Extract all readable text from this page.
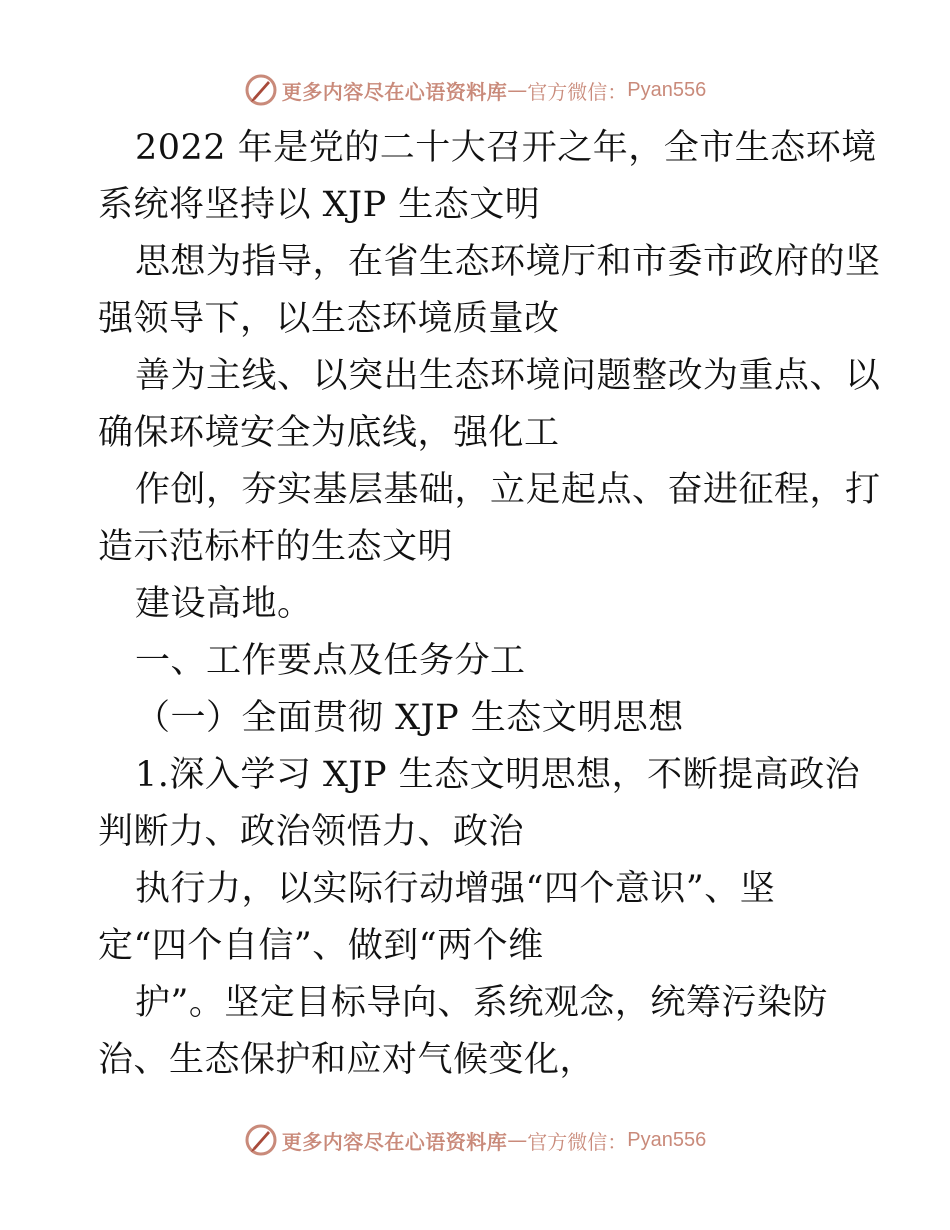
更多内容尽在心语资料库 — 官方微信： Pyan556
2022 年是党的二十大召开之年，全市生态环境
系统将坚持以 XJP 生态文明
思想为指导，在省生态环境厅和市委市政府的坚
强领导下，以生态环境质量改
善为主线、以突出生态环境问题整改为重点、以
确保环境安全为底线，强化工
作创，夯实基层基础，立足起点、奋进征程，打
造示范标杆的生态文明
建设高地。
一、工作要点及任务分工
（一）全面贯彻 XJP 生态文明思想
1.深入学习 XJP 生态文明思想，不断提高政治
判断力、政治领悟力、政治
执行力，以实际行动增强“四个意识”、坚
定“四个自信”、做到“两个维
护”。坚定目标导向、系统观念，统筹污染防
治、生态保护和应对气候变化，
更多内容尽在心语资料库 — 官方微信： Pyan556
